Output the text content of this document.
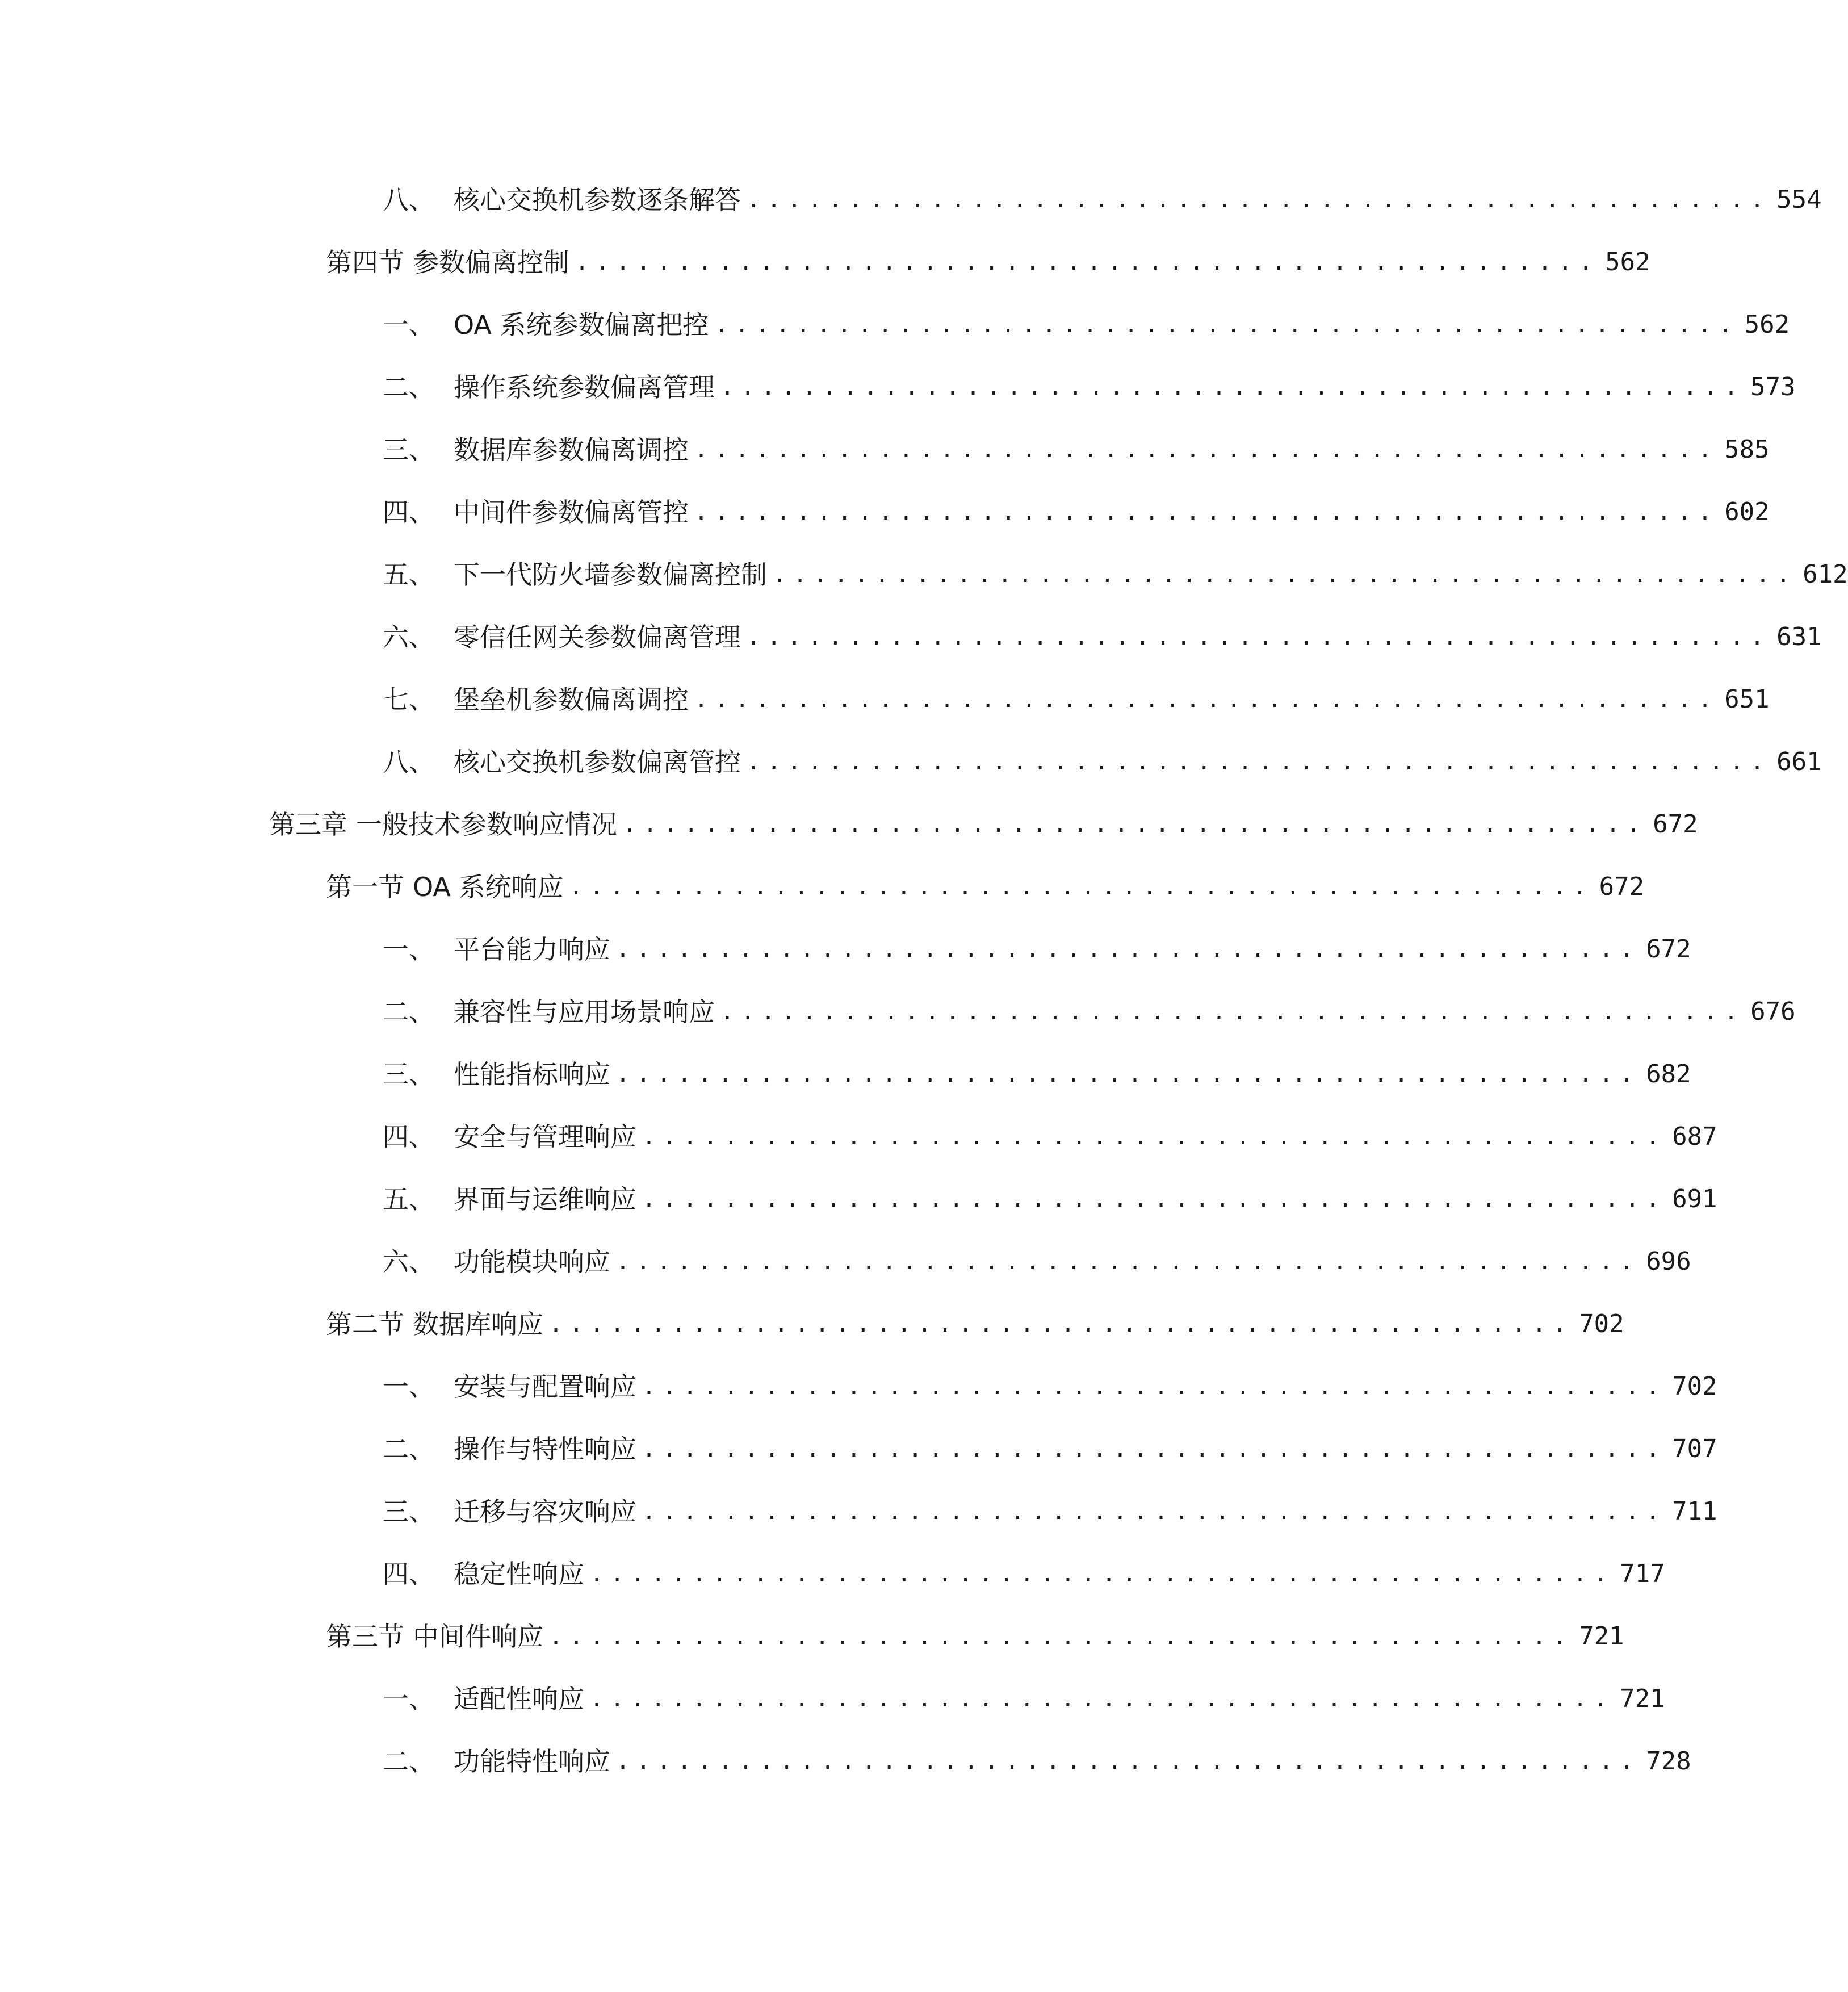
八、 核心交换机参数逐条解答 .................................................. 554
第四节 参数偏离控制 .................................................. 562
一、 OA 系统参数偏离把控 .................................................. 562
二、 操作系统参数偏离管理 .................................................. 573
三、 数据库参数偏离调控 .................................................. 585
四、 中间件参数偏离管控 .................................................. 602
五、 下一代防火墙参数偏离控制 .................................................. 612
六、 零信任网关参数偏离管理 .................................................. 631
七、 堡垒机参数偏离调控 .................................................. 651
八、 核心交换机参数偏离管控 .................................................. 661
第三章 一般技术参数响应情况 .................................................. 672
第一节 OA 系统响应 .................................................. 672
一、 平台能力响应 .................................................. 672
二、 兼容性与应用场景响应 .................................................. 676
三、 性能指标响应 .................................................. 682
四、 安全与管理响应 .................................................. 687
五、 界面与运维响应 .................................................. 691
六、 功能模块响应 .................................................. 696
第二节 数据库响应 .................................................. 702
一、 安装与配置响应 .................................................. 702
二、 操作与特性响应 .................................................. 707
三、 迁移与容灾响应 .................................................. 711
四、 稳定性响应 .................................................. 717
第三节 中间件响应 .................................................. 721
一、 适配性响应 .................................................. 721
二、 功能特性响应 .................................................. 728
